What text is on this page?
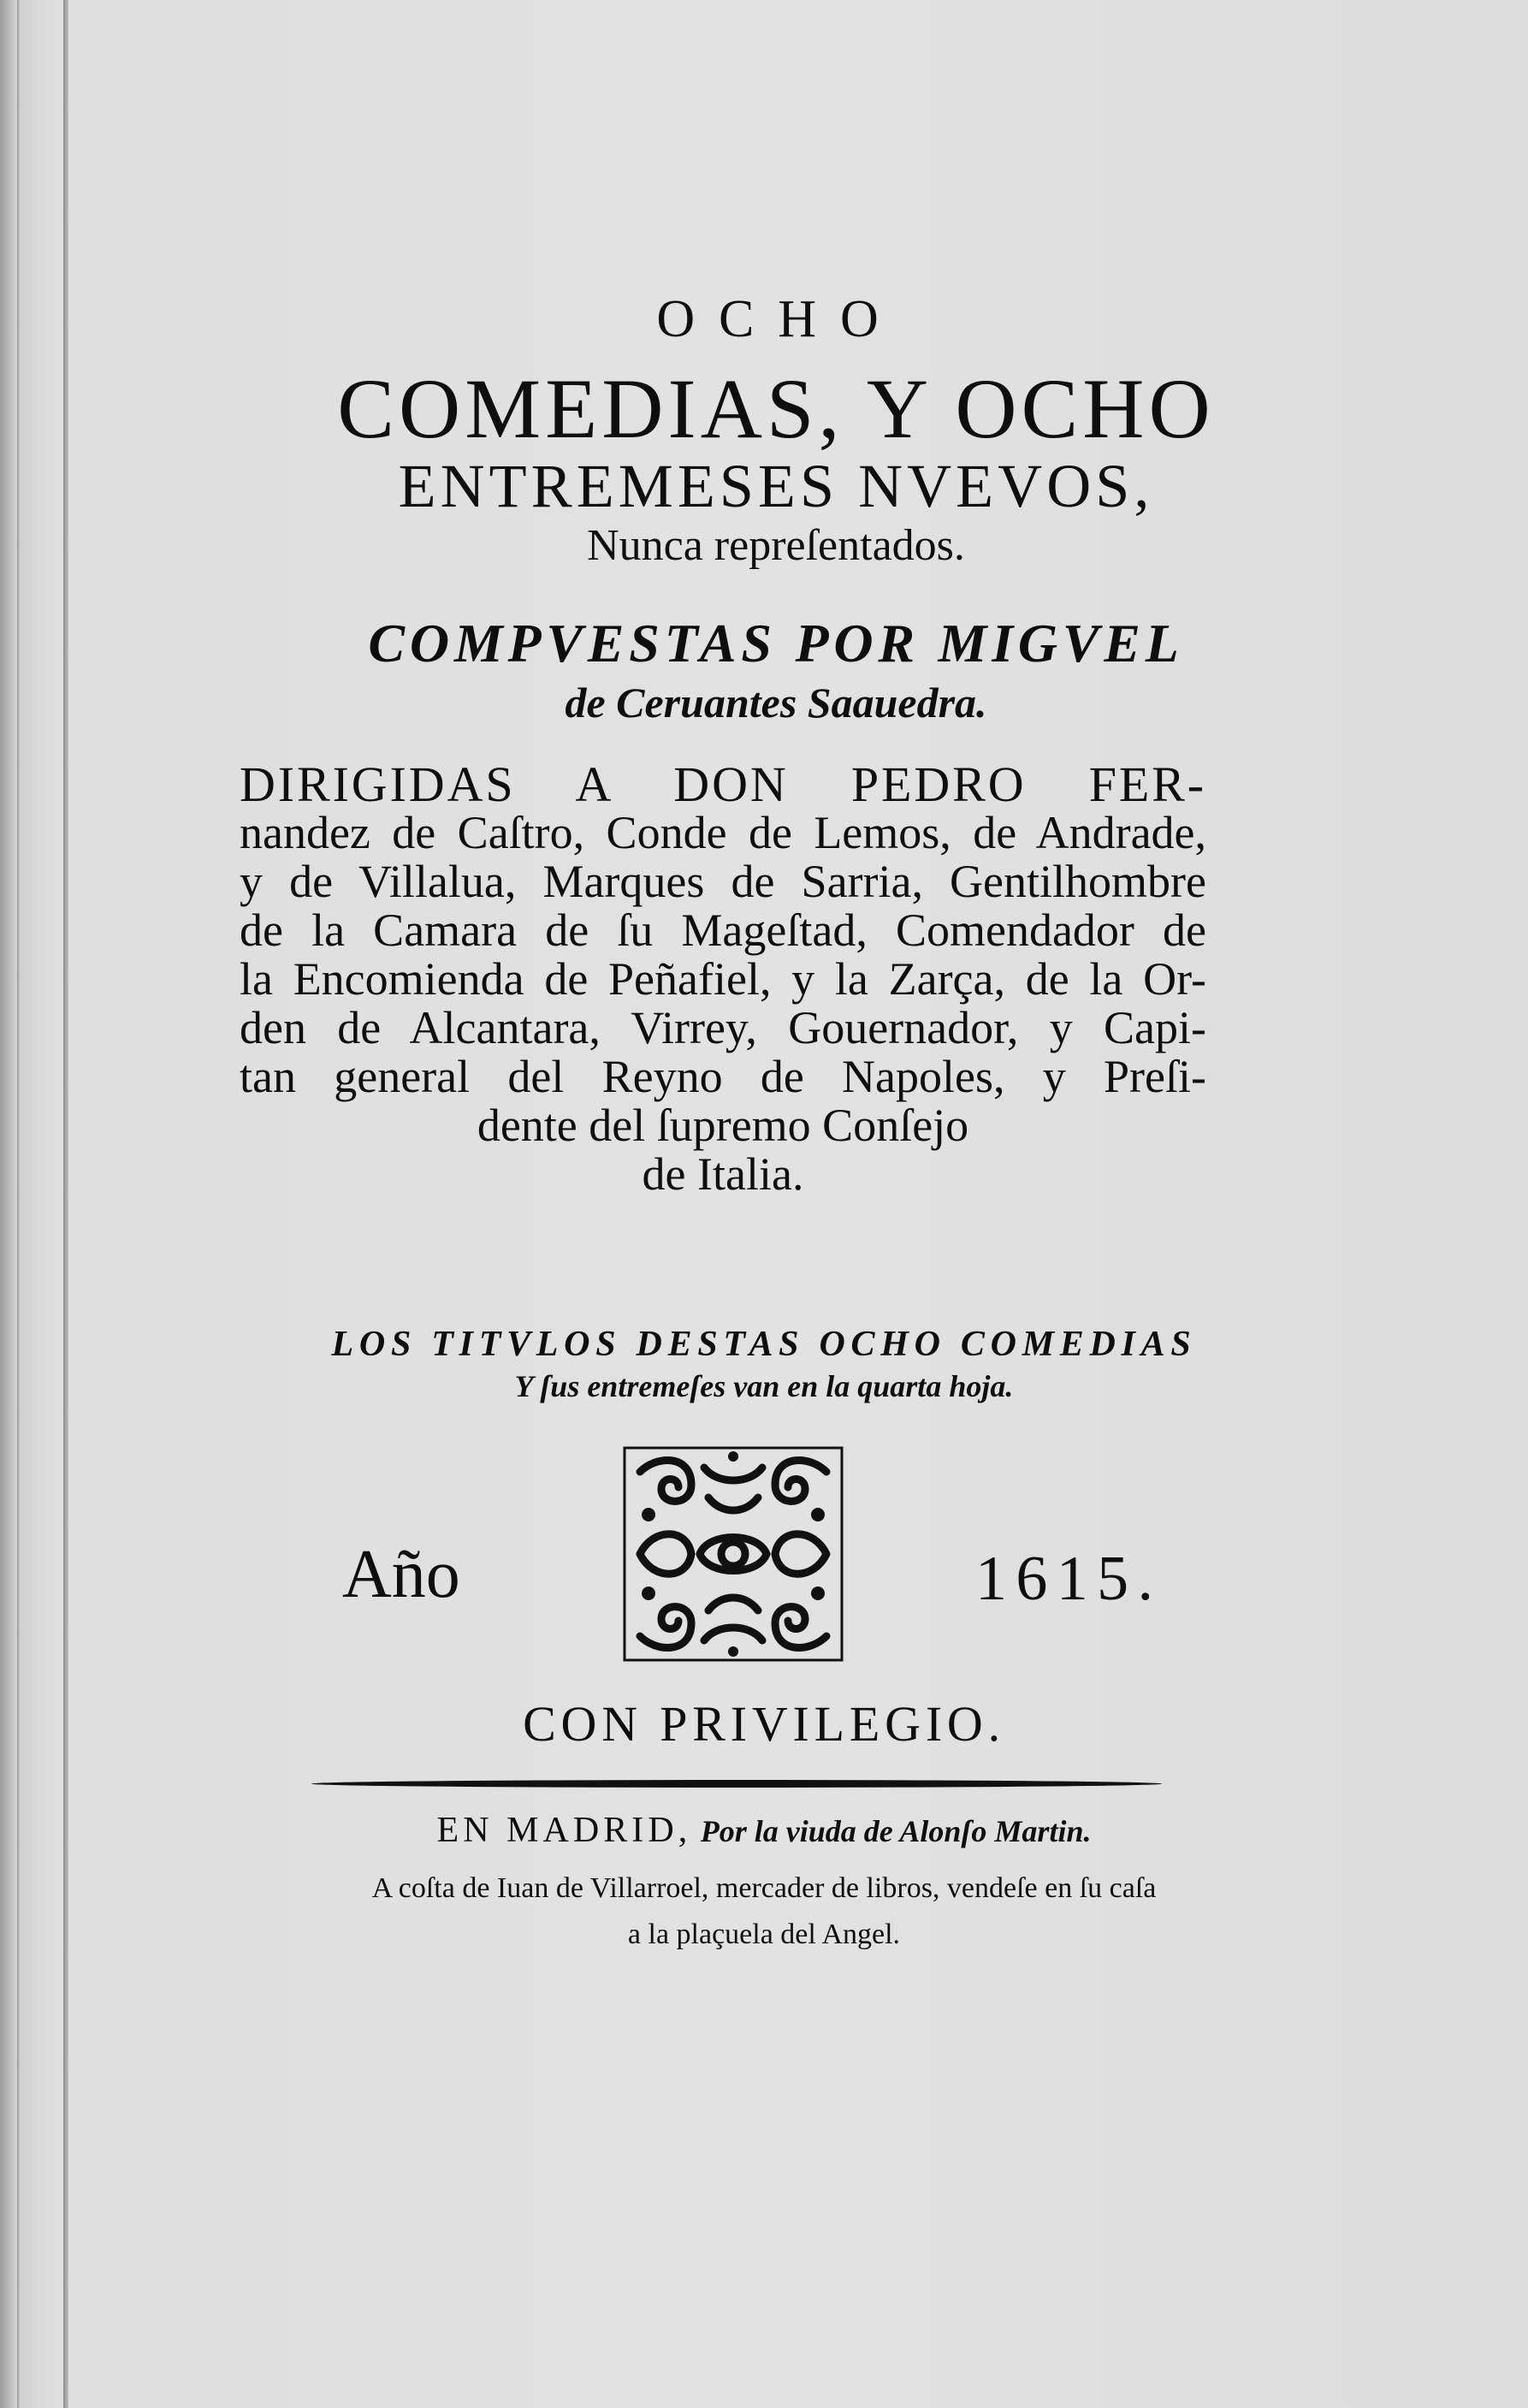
OCHO
COMEDIAS, Y OCHO
ENTREMESES NVEVOS,
Nunca repreſentados.
COMPVESTAS POR MIGVEL
de Ceruantes Saauedra.
DIRIGIDAS A DON PEDRO FER-
nandez de Caſtro, Conde de Lemos, de Andrade,
y de Villalua, Marques de Sarria, Gentilhombre
de la Camara de ſu Mageſtad, Comendador de
la Encomienda de Peñafiel, y la Zarça, de la Or-
den de Alcantara, Virrey, Gouernador, y Capi-
tan general del Reyno de Napoles, y Preſi-
dente del ſupremo Conſejo
de Italia.
LOS TITVLOS DESTAS OCHO COMEDIAS
Y ſus entremeſes van en la quarta hoja.
Año	1615.
CON PRIVILEGIO.
EN MADRID, Por la viuda de Alonſo Martin.
A coſta de Iuan de Villarroel, mercader de libros, vendeſe en ſu caſa
a la plaçuela del Angel.
